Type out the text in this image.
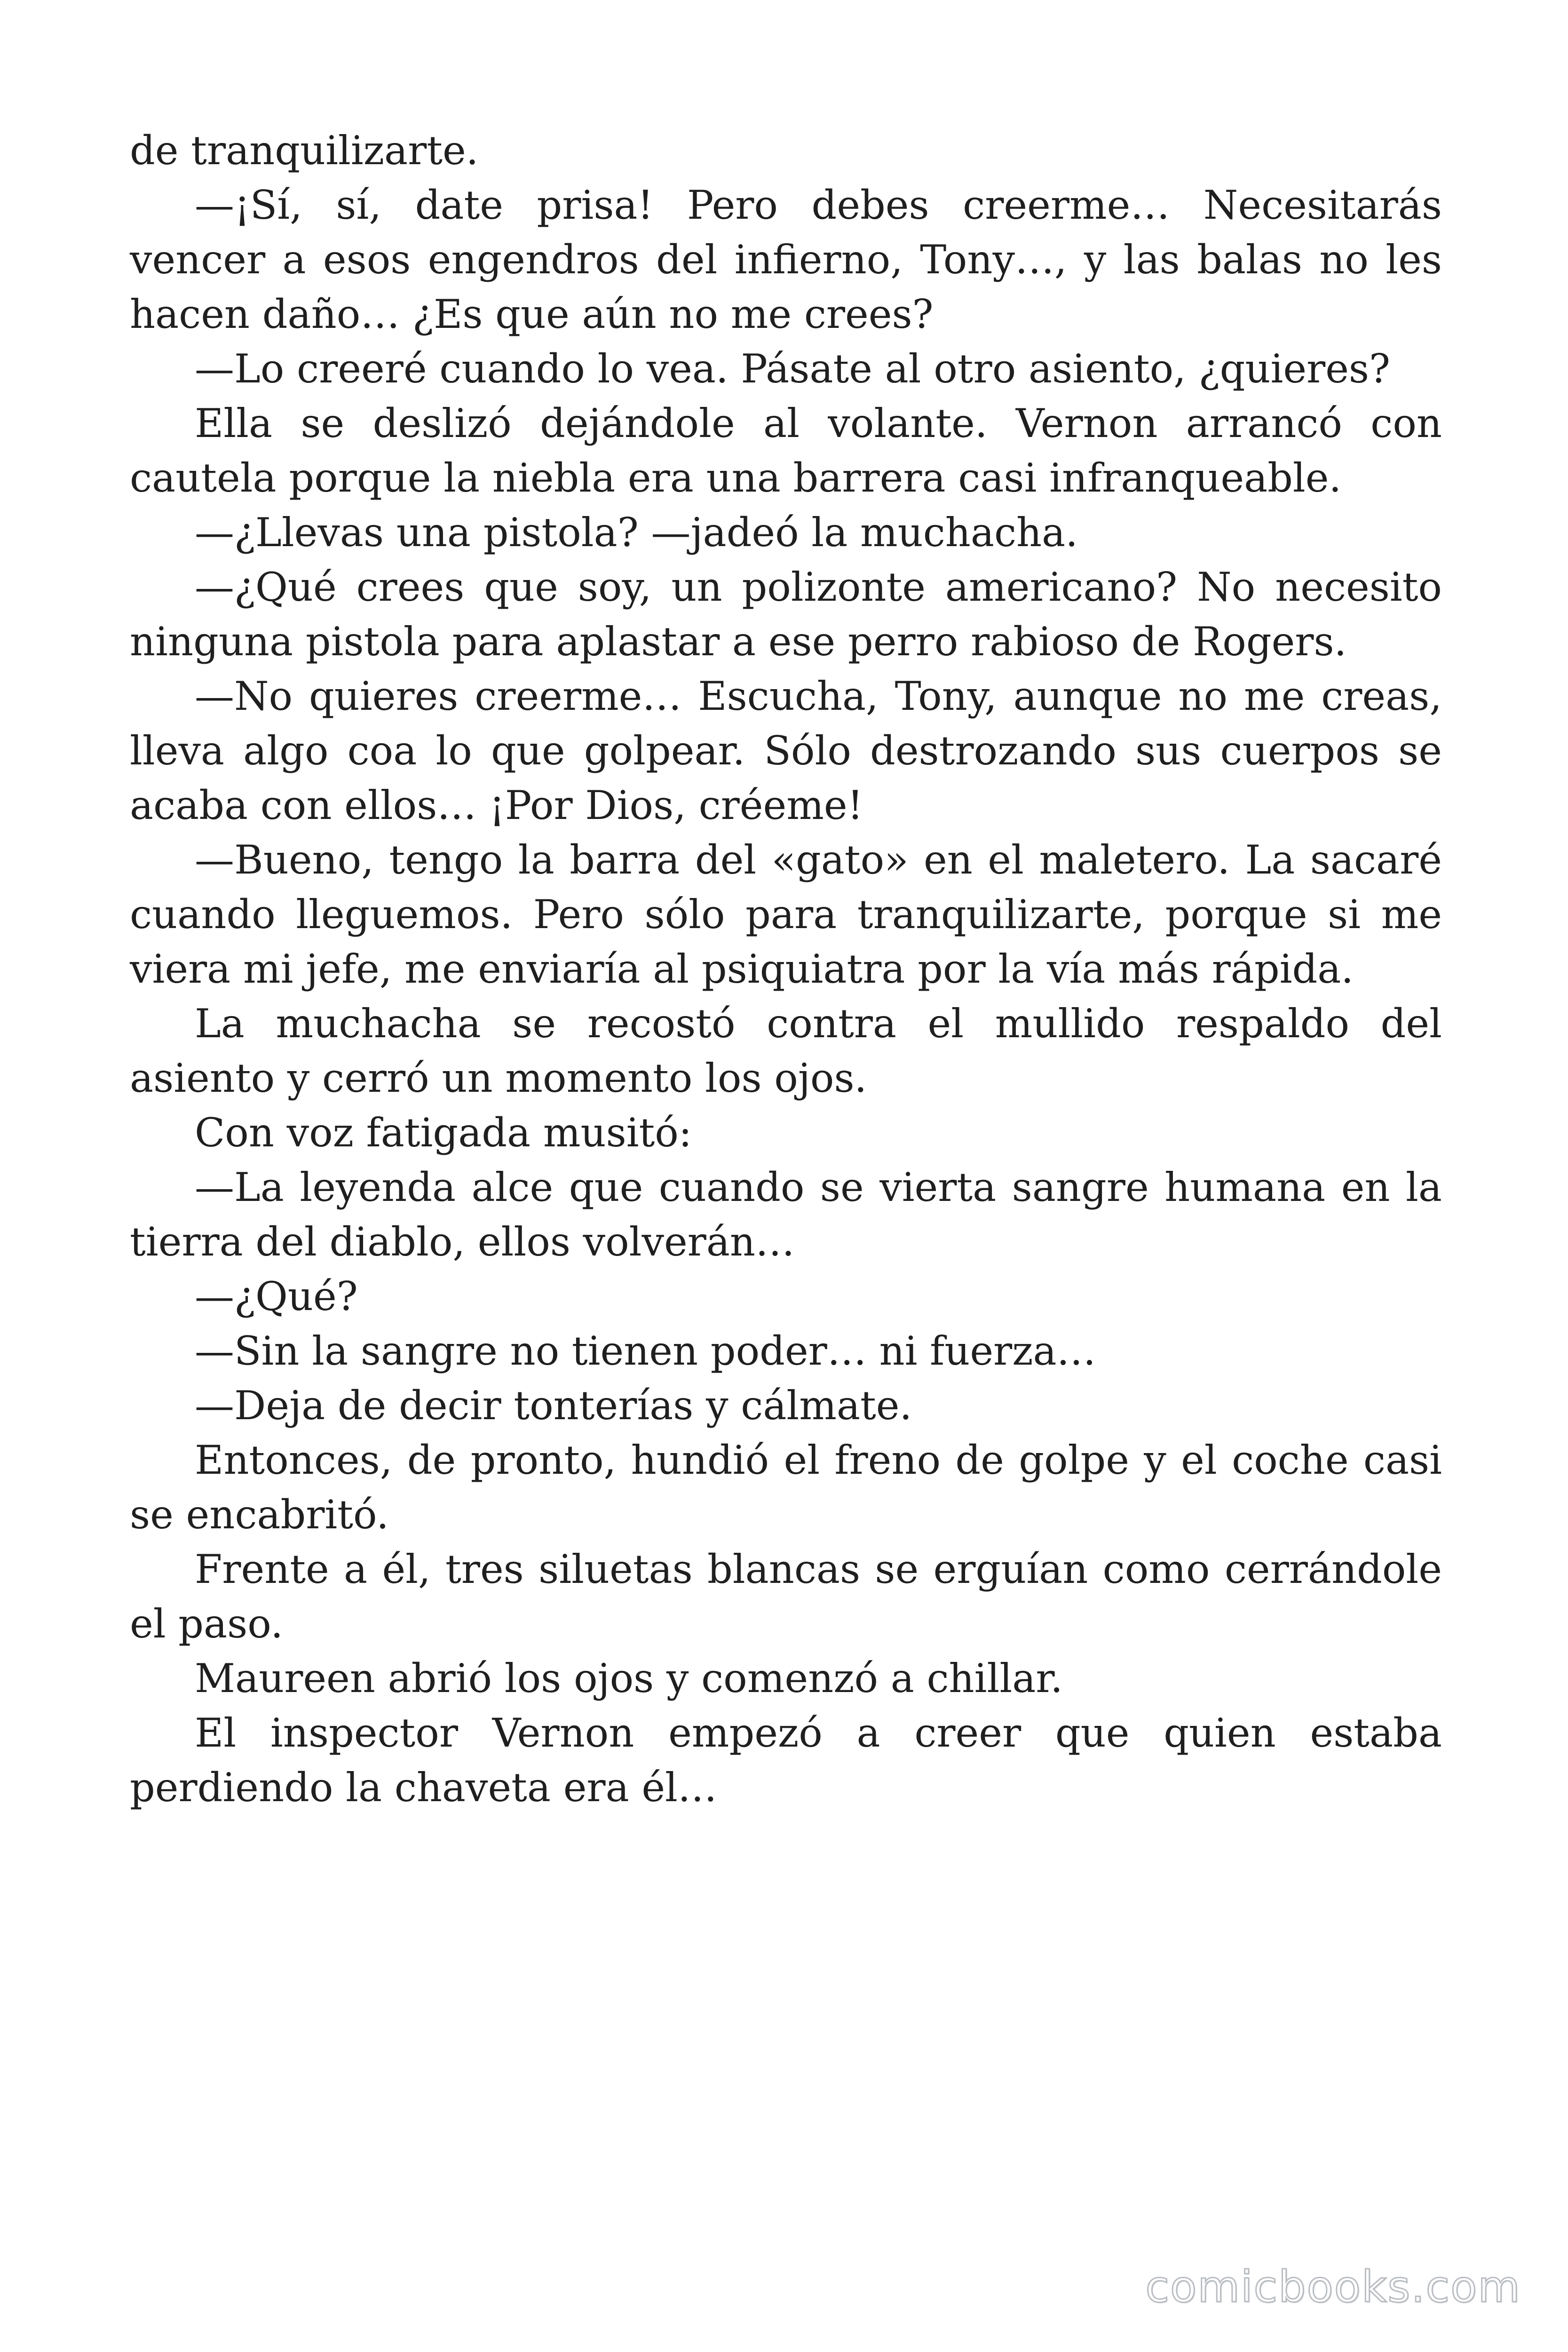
de tranquilizarte.

—¡Sí, sí, date prisa! Pero debes creerme… Necesitarás vencer a esos engendros del infierno, Tony…, y las balas no les hacen daño… ¿Es que aún no me crees?

—Lo creeré cuando lo vea. Pásate al otro asiento, ¿quieres?

Ella se deslizó dejándole al volante. Vernon arrancó con cautela porque la niebla era una barrera casi infranqueable.

—¿Llevas una pistola? —jadeó la muchacha.

—¿Qué crees que soy, un polizonte americano? No necesito ninguna pistola para aplastar a ese perro rabioso de Rogers.

—No quieres creerme… Escucha, Tony, aunque no me creas, lleva algo coa lo que golpear. Sólo destrozando sus cuerpos se acaba con ellos… ¡Por Dios, créeme!

—Bueno, tengo la barra del «gato» en el maletero. La sacaré cuando lleguemos. Pero sólo para tranquilizarte, porque si me viera mi jefe, me enviaría al psiquiatra por la vía más rápida.

La muchacha se recostó contra el mullido respaldo del asiento y cerró un momento los ojos.

Con voz fatigada musitó:

—La leyenda alce que cuando se vierta sangre humana en la tierra del diablo, ellos volverán…

—¿Qué?

—Sin la sangre no tienen poder… ni fuerza…

—Deja de decir tonterías y cálmate.

Entonces, de pronto, hundió el freno de golpe y el coche casi se encabritó.

Frente a él, tres siluetas blancas se erguían como cerrándole el paso.

Maureen abrió los ojos y comenzó a chillar.

El inspector Vernon empezó a creer que quien estaba perdiendo la chaveta era él…

comicbooks.com
